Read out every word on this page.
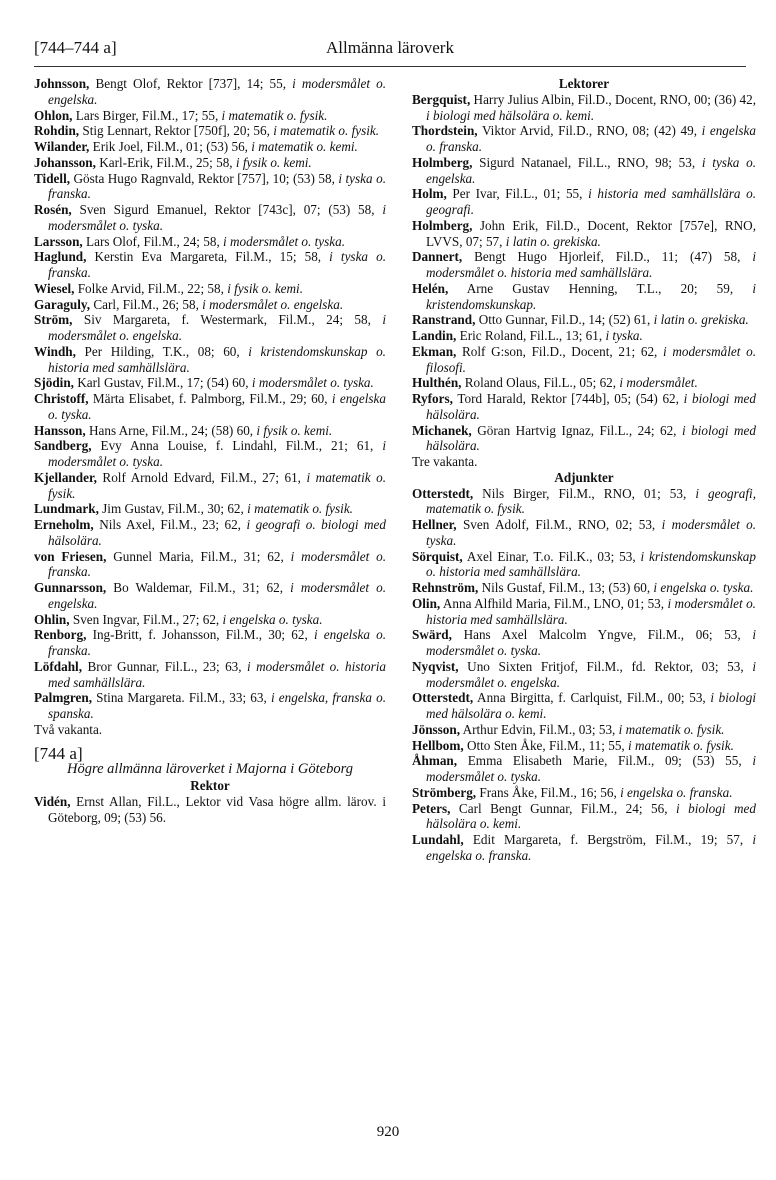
[744–744 a]	Allmänna läroverk

Johnsson, Bengt Olof, Rektor [737], 14; 55, i modersmålet o. engelska.

Ohlon, Lars Birger, Fil.M., 17; 55, i matematik o. fysik.

Rohdin, Stig Lennart, Rektor [750f], 20; 56, i matematik o. fysik.

Wilander, Erik Joel, Fil.M., 01; (53) 56, i matematik o. kemi.

Johansson, Karl-Erik, Fil.M., 25; 58, i fysik o. kemi.

Tidell, Gösta Hugo Ragnvald, Rektor [757], 10; (53) 58, i tyska o. franska.

Rosén, Sven Sigurd Emanuel, Rektor [743c], 07; (53) 58, i modersmålet o. tyska.

Larsson, Lars Olof, Fil.M., 24; 58, i modersmålet o. tyska.

Haglund, Kerstin Eva Margareta, Fil.M., 15; 58, i tyska o. franska.

Wiesel, Folke Arvid, Fil.M., 22; 58, i fysik o. kemi.

Garaguly, Carl, Fil.M., 26; 58, i modersmålet o. engelska.

Ström, Siv Margareta, f. Westermark, Fil.M., 24; 58, i modersmålet o. engelska.

Windh, Per Hilding, T.K., 08; 60, i kristendomskunskap o. historia med samhällslära.

Sjödin, Karl Gustav, Fil.M., 17; (54) 60, i modersmålet o. tyska.

Christoff, Märta Elisabet, f. Palmborg, Fil.M., 29; 60, i engelska o. tyska.

Hansson, Hans Arne, Fil.M., 24; (58) 60, i fysik o. kemi.

Sandberg, Evy Anna Louise, f. Lindahl, Fil.M., 21; 61, i modersmålet o. tyska.

Kjellander, Rolf Arnold Edvard, Fil.M., 27; 61, i matematik o. fysik.

Lundmark, Jim Gustav, Fil.M., 30; 62, i matematik o. fysik.

Erneholm, Nils Axel, Fil.M., 23; 62, i geografi o. biologi med hälsolära.

von Friesen, Gunnel Maria, Fil.M., 31; 62, i modersmålet o. franska.

Gunnarsson, Bo Waldemar, Fil.M., 31; 62, i modersmålet o. engelska.

Ohlin, Sven Ingvar, Fil.M., 27; 62, i engelska o. tyska.

Renborg, Ing-Britt, f. Johansson, Fil.M., 30; 62, i engelska o. franska.

Löfdahl, Bror Gunnar, Fil.L., 23; 63, i modersmålet o. historia med samhällslära.

Palmgren, Stina Margareta. Fil.M., 33; 63, i engelska, franska o. spanska.

Två vakanta.

[744 a]

Högre allmänna läroverket i Majorna i Göteborg

Rektor

Vidén, Ernst Allan, Fil.L., Lektor vid Vasa högre allm. lärov. i Göteborg, 09; (53) 56.

Lektorer

Bergquist, Harry Julius Albin, Fil.D., Docent, RNO, 00; (36) 42, i biologi med hälsolära o. kemi.

Thordstein, Viktor Arvid, Fil.D., RNO, 08; (42) 49, i engelska o. franska.

Holmberg, Sigurd Natanael, Fil.L., RNO, 98; 53, i tyska o. engelska.

Holm, Per Ivar, Fil.L., 01; 55, i historia med samhällslära o. geografi.

Holmberg, John Erik, Fil.D., Docent, Rektor [757e], RNO, LVVS, 07; 57, i latin o. grekiska.

Dannert, Bengt Hugo Hjorleif, Fil.D., 11; (47) 58, i modersmålet o. historia med samhällslära.

Helén, Arne Gustav Henning, T.L., 20; 59, i kristendomskunskap.

Ranstrand, Otto Gunnar, Fil.D., 14; (52) 61, i latin o. grekiska.

Landin, Eric Roland, Fil.L., 13; 61, i tyska.

Ekman, Rolf G:son, Fil.D., Docent, 21; 62, i modersmålet o. filosofi.

Hulthén, Roland Olaus, Fil.L., 05; 62, i modersmålet.

Ryfors, Tord Harald, Rektor [744b], 05; (54) 62, i biologi med hälsolära.

Michanek, Göran Hartvig Ignaz, Fil.L., 24; 62, i biologi med hälsolära.

Tre vakanta.

Adjunkter

Otterstedt, Nils Birger, Fil.M., RNO, 01; 53, i geografi, matematik o. fysik.

Hellner, Sven Adolf, Fil.M., RNO, 02; 53, i modersmålet o. tyska.

Sörquist, Axel Einar, T.o. Fil.K., 03; 53, i kristendomskunskap o. historia med samhällslära.

Rehnström, Nils Gustaf, Fil.M., 13; (53) 60, i engelska o. tyska.

Olin, Anna Alfhild Maria, Fil.M., LNO, 01; 53, i modersmålet o. historia med samhällslära.

Swärd, Hans Axel Malcolm Yngve, Fil.M., 06; 53, i modersmålet o. tyska.

Nyqvist, Uno Sixten Fritjof, Fil.M., fd. Rektor, 03; 53, i modersmålet o. engelska.

Otterstedt, Anna Birgitta, f. Carlquist, Fil.M., 00; 53, i biologi med hälsolära o. kemi.

Jönsson, Arthur Edvin, Fil.M., 03; 53, i matematik o. fysik.

Hellbom, Otto Sten Åke, Fil.M., 11; 55, i matematik o. fysik.

Åhman, Emma Elisabeth Marie, Fil.M., 09; (53) 55, i modersmålet o. tyska.

Strömberg, Frans Åke, Fil.M., 16; 56, i engelska o. franska.

Peters, Carl Bengt Gunnar, Fil.M., 24; 56, i biologi med hälsolära o. kemi.

Lundahl, Edit Margareta, f. Bergström, Fil.M., 19; 57, i engelska o. franska.

920
